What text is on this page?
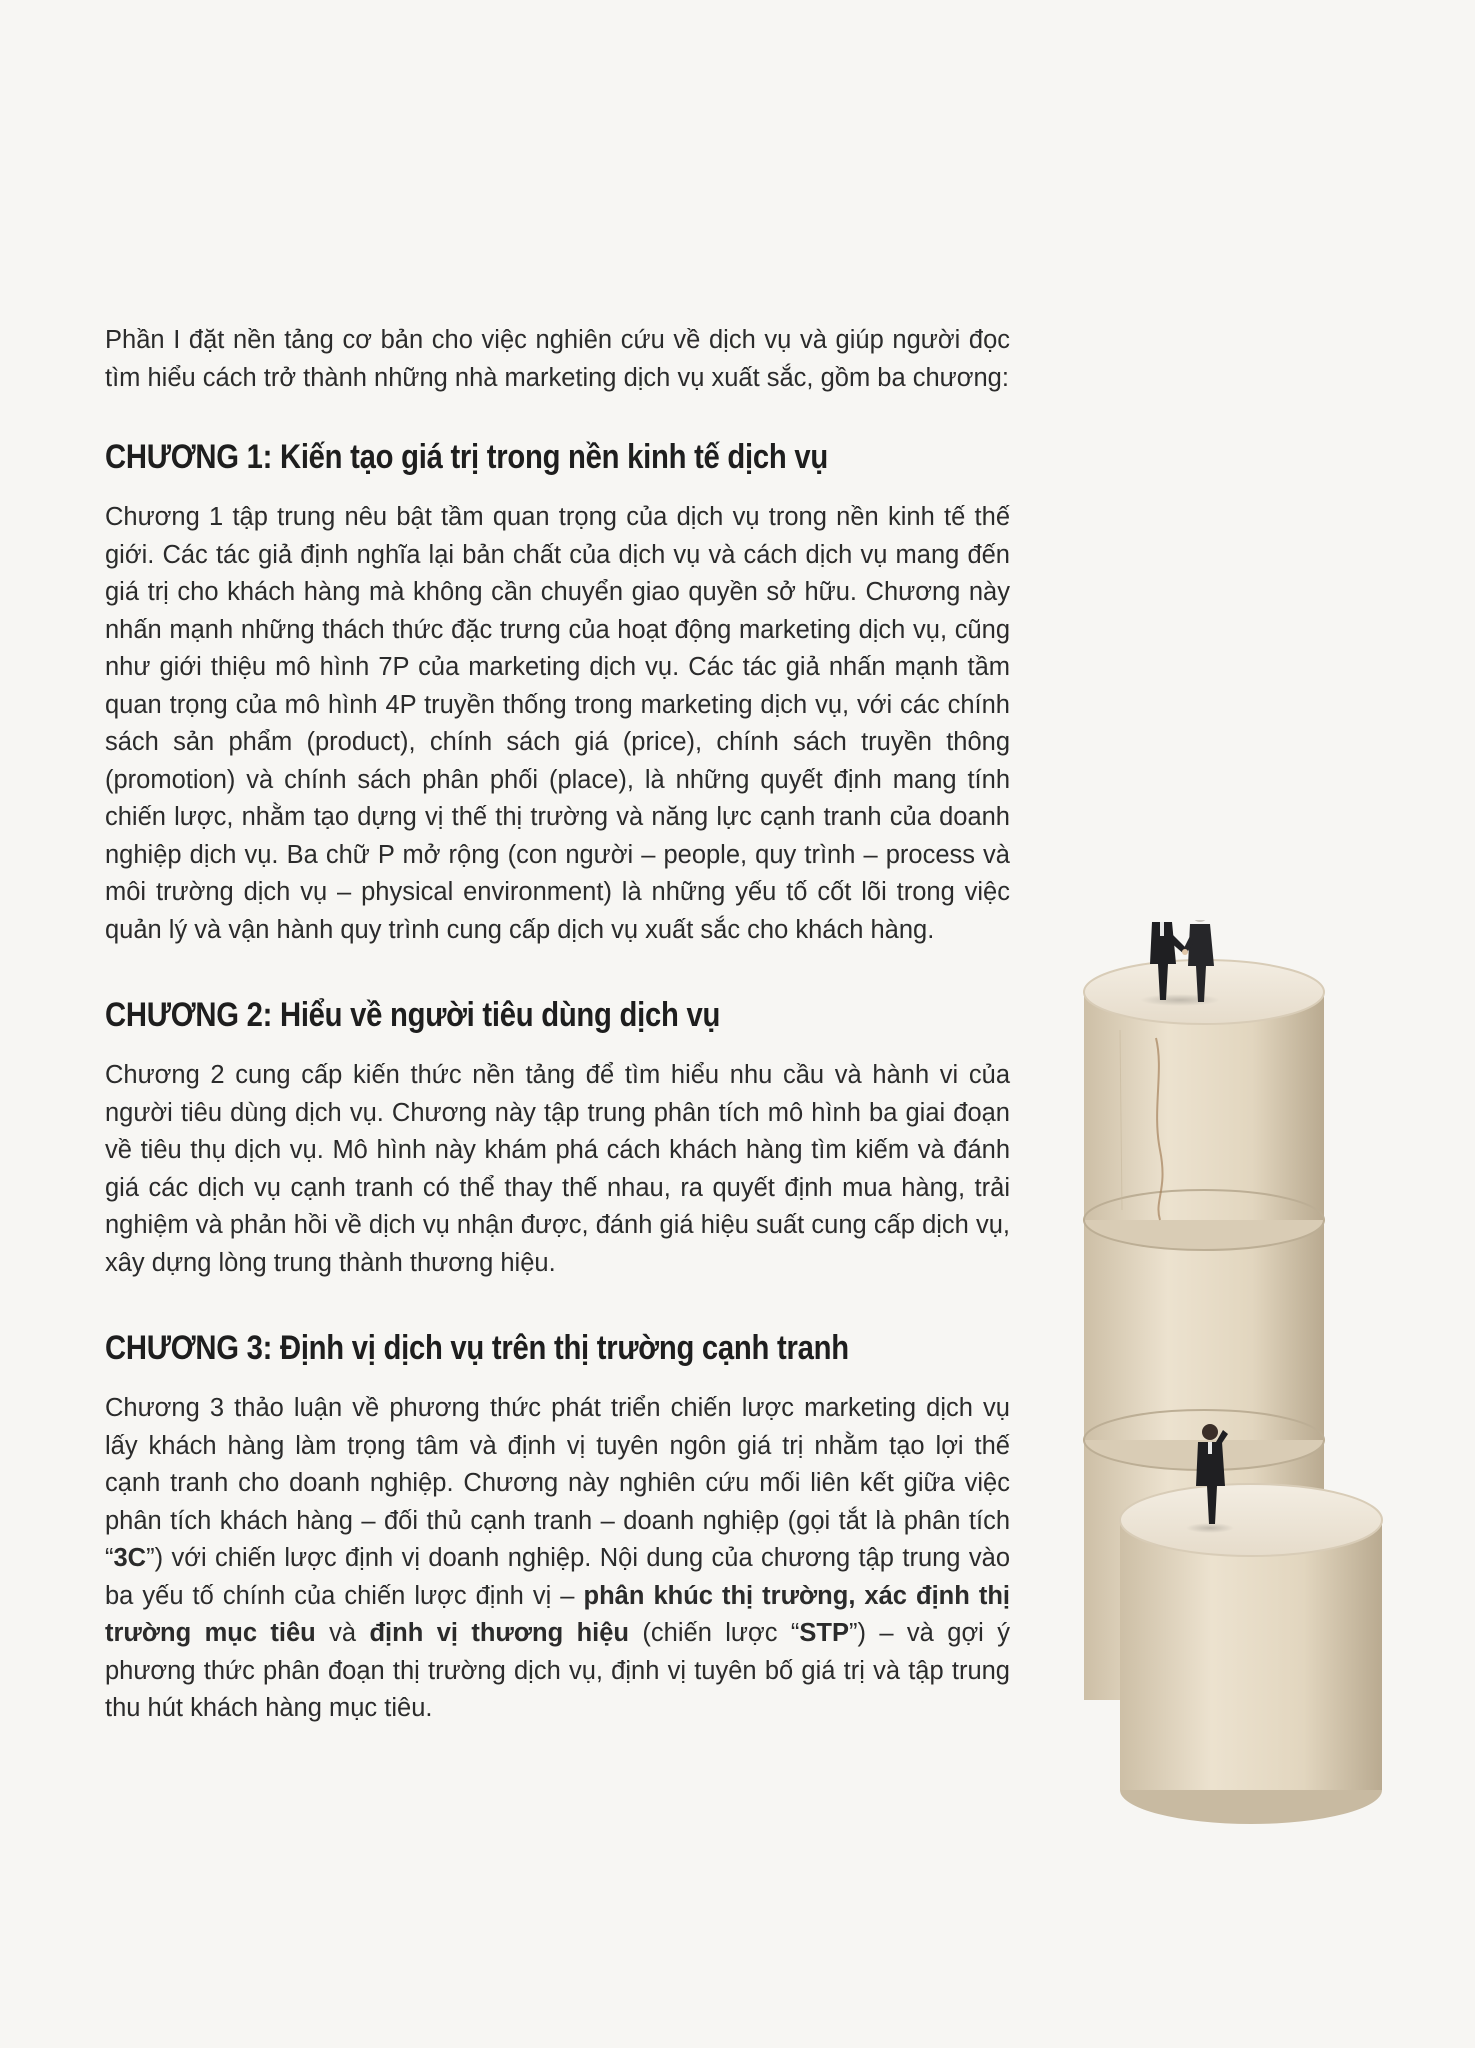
Phần I đặt nền tảng cơ bản cho việc nghiên cứu về dịch vụ và giúp người đọc tìm hiểu cách trở thành những nhà marketing dịch vụ xuất sắc, gồm ba chương:

CHƯƠNG 1: Kiến tạo giá trị trong nền kinh tế dịch vụ

Chương 1 tập trung nêu bật tầm quan trọng của dịch vụ trong nền kinh tế thế giới. Các tác giả định nghĩa lại bản chất của dịch vụ và cách dịch vụ mang đến giá trị cho khách hàng mà không cần chuyển giao quyền sở hữu. Chương này nhấn mạnh những thách thức đặc trưng của hoạt động marketing dịch vụ, cũng như giới thiệu mô hình 7P của marketing dịch vụ. Các tác giả nhấn mạnh tầm quan trọng của mô hình 4P truyền thống trong marketing dịch vụ, với các chính sách sản phẩm (product), chính sách giá (price), chính sách truyền thông (promotion) và chính sách phân phối (place), là những quyết định mang tính chiến lược, nhằm tạo dựng vị thế thị trường và năng lực cạnh tranh của doanh nghiệp dịch vụ. Ba chữ P mở rộng (con người – people, quy trình – process và môi trường dịch vụ – physical environment) là những yếu tố cốt lõi trong việc quản lý và vận hành quy trình cung cấp dịch vụ xuất sắc cho khách hàng.

CHƯƠNG 2: Hiểu về người tiêu dùng dịch vụ

Chương 2 cung cấp kiến thức nền tảng để tìm hiểu nhu cầu và hành vi của người tiêu dùng dịch vụ. Chương này tập trung phân tích mô hình ba giai đoạn về tiêu thụ dịch vụ. Mô hình này khám phá cách khách hàng tìm kiếm và đánh giá các dịch vụ cạnh tranh có thể thay thế nhau, ra quyết định mua hàng, trải nghiệm và phản hồi về dịch vụ nhận được, đánh giá hiệu suất cung cấp dịch vụ, xây dựng lòng trung thành thương hiệu.

CHƯƠNG 3: Định vị dịch vụ trên thị trường cạnh tranh

Chương 3 thảo luận về phương thức phát triển chiến lược marketing dịch vụ lấy khách hàng làm trọng tâm và định vị tuyên ngôn giá trị nhằm tạo lợi thế cạnh tranh cho doanh nghiệp. Chương này nghiên cứu mối liên kết giữa việc phân tích khách hàng – đối thủ cạnh tranh – doanh nghiệp (gọi tắt là phân tích “3C”) với chiến lược định vị doanh nghiệp. Nội dung của chương tập trung vào ba yếu tố chính của chiến lược định vị – phân khúc thị trường, xác định thị trường mục tiêu và định vị thương hiệu (chiến lược “STP”) – và gợi ý phương thức phân đoạn thị trường dịch vụ, định vị tuyên bố giá trị và tập trung thu hút khách hàng mục tiêu.
